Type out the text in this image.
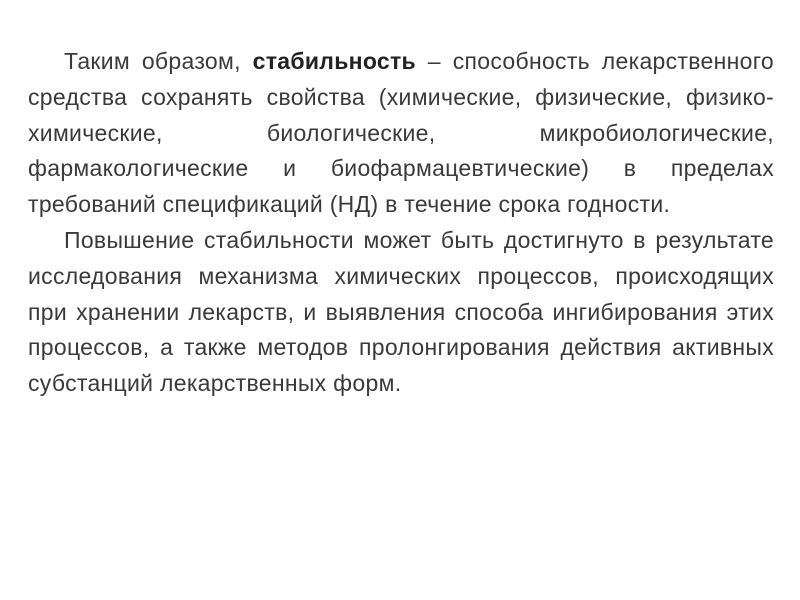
Таким образом, стабильность – способность лекарственного средства сохранять свойства (химические, физические, физико-химические, биологические, микробиологические, фармакологические и биофармацевтические) в пределах требований спецификаций (НД) в течение срока годности.

Повышение стабильности может быть достигнуто в результате исследования механизма химических процессов, происходящих при хранении лекарств, и выявления способа ингибирования этих процессов, а также методов пролонгирования действия активных субстанций лекарственных форм.
